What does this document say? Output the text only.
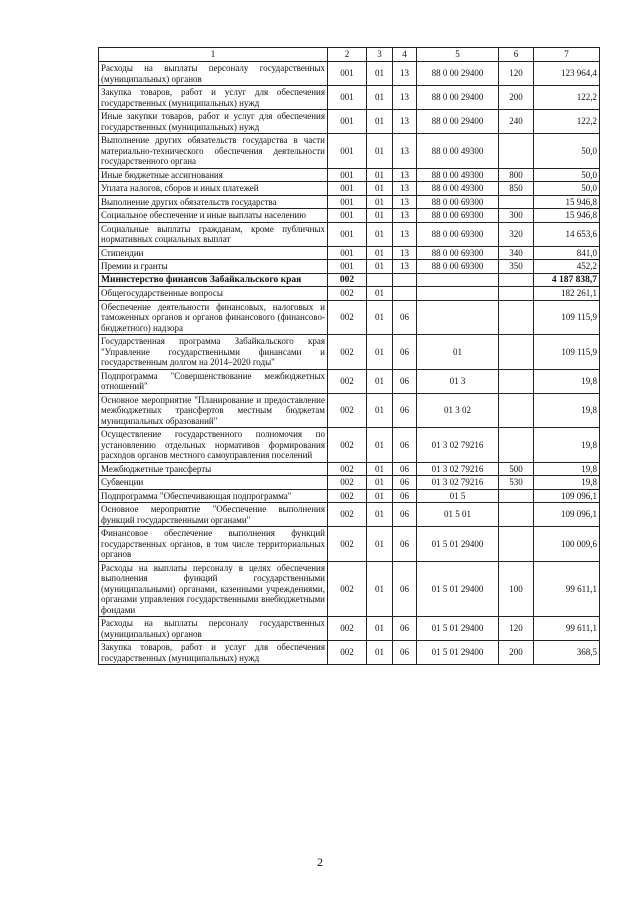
1	2	3	4	5	6	7
Расходы на выплаты персоналу государственных (муниципальных) органов	001	01	13	88 0 00 29400	120	123 964,4
Закупка товаров, работ и услуг для обеспечения государственных (муниципальных) нужд	001	01	13	88 0 00 29400	200	122,2
Иные закупки товаров, работ и услуг для обеспечения государственных (муниципальных) нужд	001	01	13	88 0 00 29400	240	122,2
Выполнение других обязательств государства в части материально-технического обеспечения деятельности государственного органа	001	01	13	88 0 00 49300		50,0
Иные бюджетные ассигнования	001	01	13	88 0 00 49300	800	50,0
Уплата налогов, сборов и иных платежей	001	01	13	88 0 00 49300	850	50,0
Выполнение других обязательств государства	001	01	13	88 0 00 69300		15 946,8
Социальное обеспечение и иные выплаты населению	001	01	13	88 0 00 69300	300	15 946,8
Социальные выплаты гражданам, кроме публичных нормативных социальных выплат	001	01	13	88 0 00 69300	320	14 653,6
Стипендии	001	01	13	88 0 00 69300	340	841,0
Премии и гранты	001	01	13	88 0 00 69300	350	452,2
Министерство финансов Забайкальского края	002					4 187 838,7
Общегосударственные вопросы	002	01				182 261,1
Обеспечение деятельности финансовых, налоговых и таможенных органов и органов финансового (финансово-бюджетного) надзора	002	01	06			109 115,9
Государственная программа Забайкальского края "Управление государственными финансами и государственным долгом на 2014–2020 годы"	002	01	06	01		109 115,9
Подпрограмма "Совершенствование межбюджетных отношений"	002	01	06	01 3		19,8
Основное мероприятие "Планирование и предоставление межбюджетных трансфертов местным бюджетам муниципальных образований"	002	01	06	01 3 02		19,8
Осуществление государственного полномочия по установлению отдельных нормативов формирования расходов органов местного самоуправления поселений	002	01	06	01 3 02 79216		19,8
Межбюджетные трансферты	002	01	06	01 3 02 79216	500	19,8
Субвенции	002	01	06	01 3 02 79216	530	19,8
Подпрограмма "Обеспечивающая подпрограмма"	002	01	06	01 5		109 096,1
Основное мероприятие "Обеспечение выполнения функций государственными органами"	002	01	06	01 5 01		109 096,1
Финансовое обеспечение выполнения функций государственных органов, в том числе территориальных органов	002	01	06	01 5 01 29400		100 009,6
Расходы на выплаты персоналу в целях обеспечения выполнения функций государственными (муниципальными) органами, казенными учреждениями, органами управления государственными внебюджетными фондами	002	01	06	01 5 01 29400	100	99 611,1
Расходы на выплаты персоналу государственных (муниципальных) органов	002	01	06	01 5 01 29400	120	99 611,1
Закупка товаров, работ и услуг для обеспечения государственных (муниципальных) нужд	002	01	06	01 5 01 29400	200	368,5
2
